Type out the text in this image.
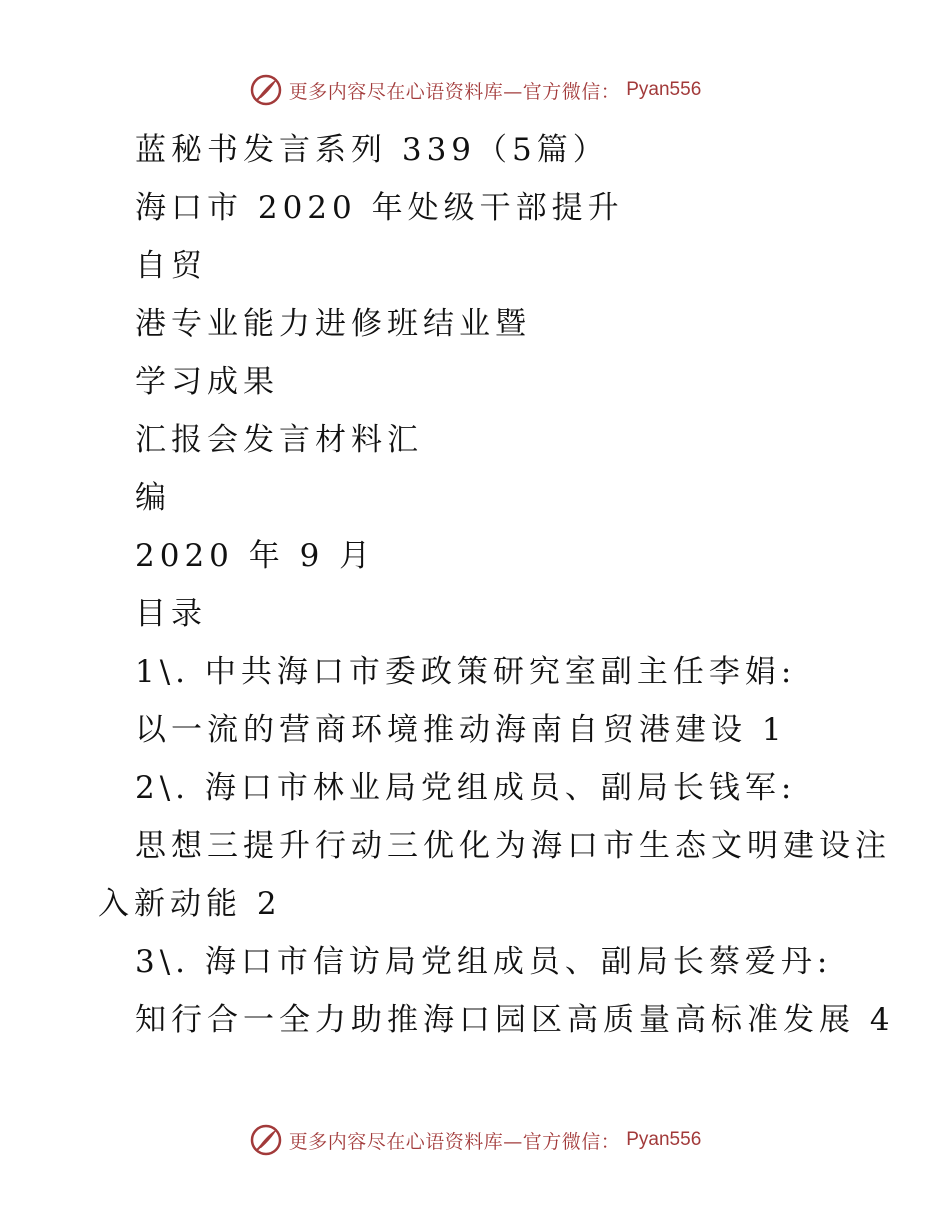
更多内容尽在心语资料库—官方微信： Pyan556
蓝秘书发言系列 339（5篇）
海口市 2020 年处级干部提升
自贸
港专业能力进修班结业暨
学习成果
汇报会发言材料汇
编
2020 年 9 月
目录
1\. 中共海口市委政策研究室副主任李娟:
以一流的营商环境推动海南自贸港建设 1
2\. 海口市林业局党组成员、副局长钱军:
思想三提升行动三优化为海口市生态文明建设注
入新动能 2
3\. 海口市信访局党组成员、副局长蔡爱丹:
知行合一全力助推海口园区高质量高标准发展 4
更多内容尽在心语资料库—官方微信： Pyan556
